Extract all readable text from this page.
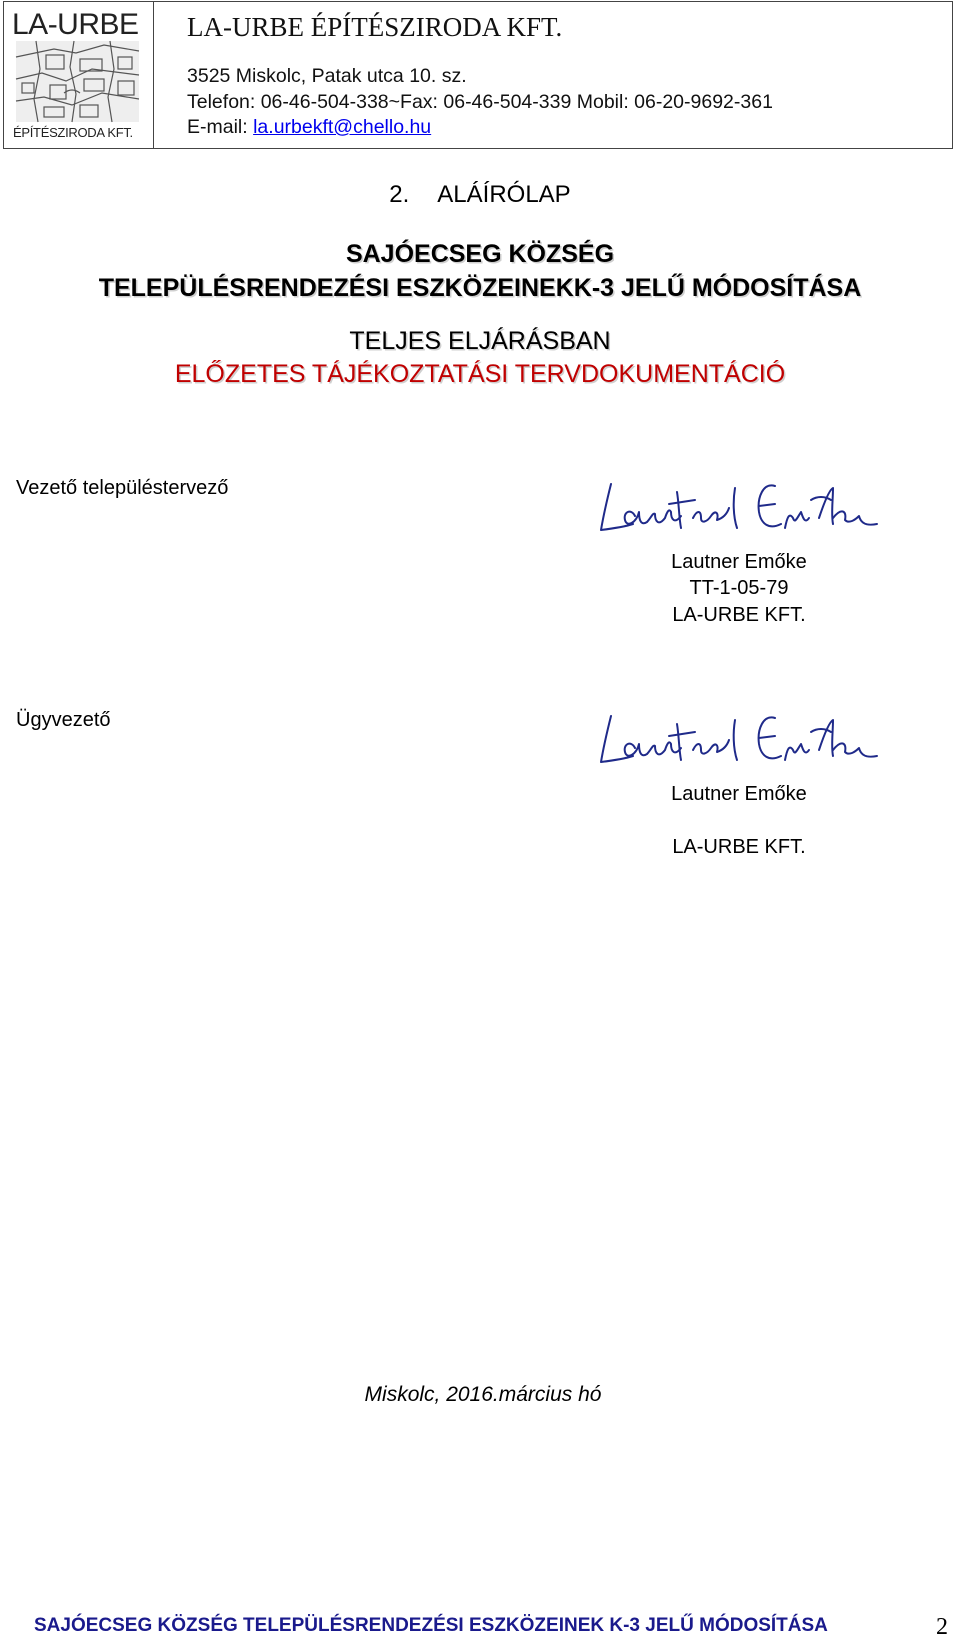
LA-URBE
ÉPÍTÉSZIRODA KFT.
LA-URBE ÉPÍTÉSZIRODA KFT.
3525 Miskolc, Patak utca 10. sz.
Telefon: 06-46-504-338~Fax: 06-46-504-339 Mobil: 06-20-9692-361
E-mail: la.urbekft@chello.hu
2. ALÁÍRÓLAP
SAJÓECSEG KÖZSÉG
TELEPÜLÉSRENDEZÉSI ESZKÖZEINEKK-3 JELŰ MÓDOSÍTÁSA
TELJES ELJÁRÁSBAN
ELŐZETES TÁJÉKOZTATÁSI TERVDOKUMENTÁCIÓ
Vezető településtervező
Lautner Emőke
TT-1-05-79
LA-URBE KFT.
Ügyvezető
Lautner Emőke
LA-URBE KFT.
Miskolc, 2016.március hó
SAJÓECSEG KÖZSÉG TELEPÜLÉSRENDEZÉSI ESZKÖZEINEK K-3 JELŰ MÓDOSÍTÁSA	2
